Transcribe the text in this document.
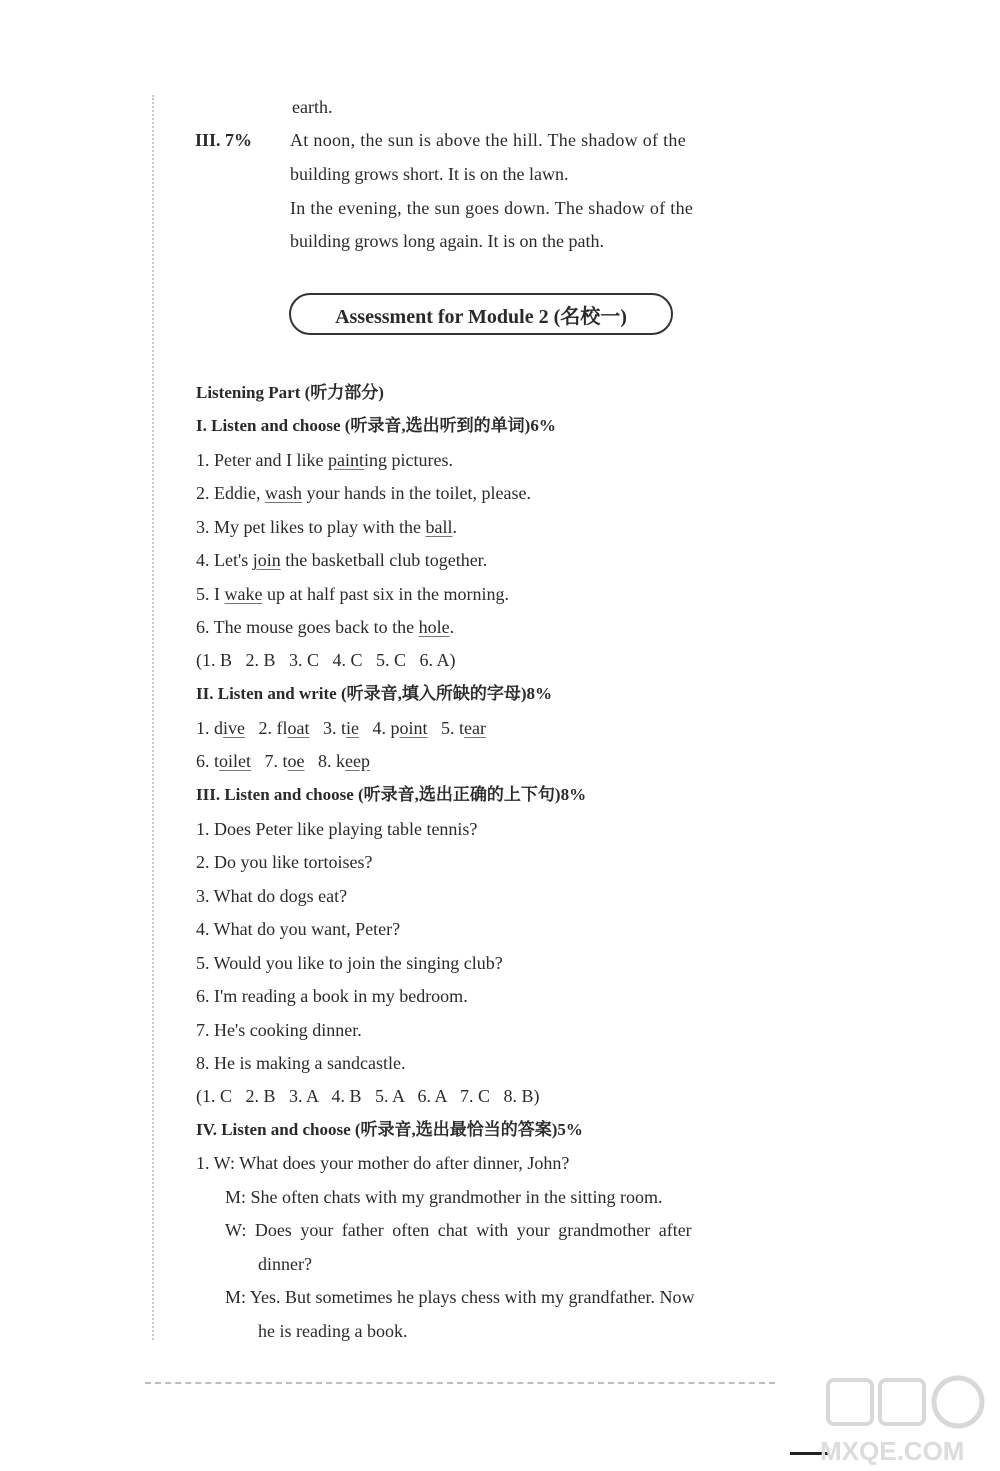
earth.
III. 7% At noon, the sun is above the hill. The shadow of the
building grows short. It is on the lawn.
In the evening, the sun goes down. The shadow of the
building grows long again. It is on the path.
Assessment for Module 2 (名校一)
Listening Part (听力部分)
I. Listen and choose (听录音,选出听到的单词)6%
1. Peter and I like painting pictures.
2. Eddie, wash your hands in the toilet, please.
3. My pet likes to play with the ball.
4. Let's join the basketball club together.
5. I wake up at half past six in the morning.
6. The mouse goes back to the hole.
(1. B   2. B   3. C   4. C   5. C   6. A)
II. Listen and write (听录音,填入所缺的字母)8%
1. dive   2. float   3. tie   4. point   5. tear
6. toilet   7. toe   8. keep
III. Listen and choose (听录音,选出正确的上下句)8%
1. Does Peter like playing table tennis?
2. Do you like tortoises?
3. What do dogs eat?
4. What do you want, Peter?
5. Would you like to join the singing club?
6. I'm reading a book in my bedroom.
7. He's cooking dinner.
8. He is making a sandcastle.
(1. C   2. B   3. A   4. B   5. A   6. A   7. C   8. B)
IV. Listen and choose (听录音,选出最恰当的答案)5%
1. W: What does your mother do after dinner, John?
M: She often chats with my grandmother in the sitting room.
W: Does your father often chat with your grandmother after
dinner?
M: Yes. But sometimes he plays chess with my grandfather. Now
he is reading a book.
MXQE.COM
